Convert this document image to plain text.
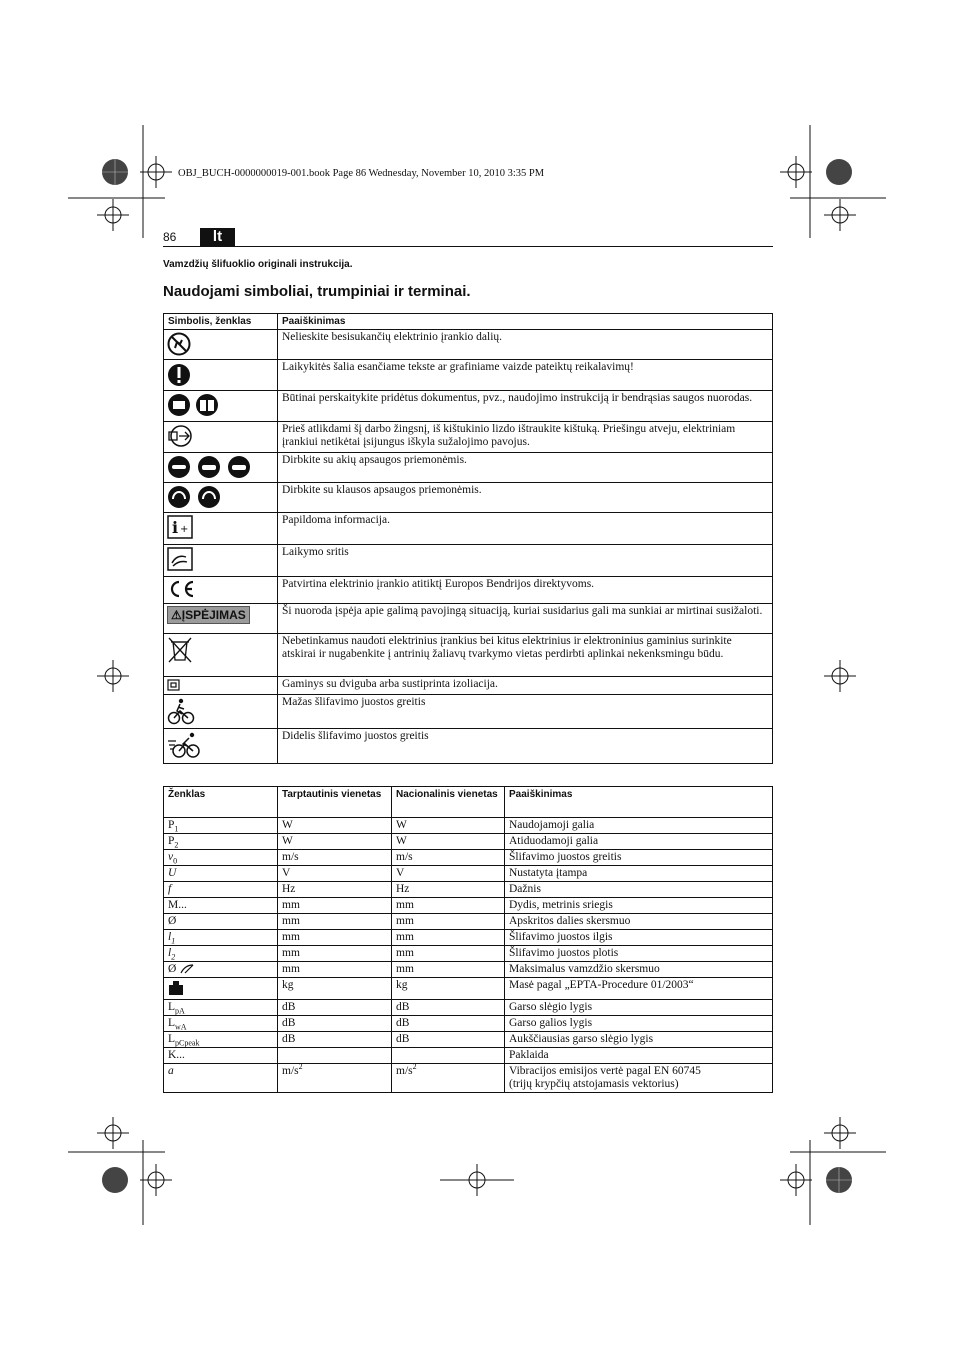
OBJ_BUCH-0000000019-001.book Page 86 Wednesday, November 10, 2010 3:35 PM
86	lt
Vamzdžių šlifuoklio originali instrukcija.
Naudojami simboliai, trumpiniai ir terminai.
Simbolis, ženklas	Paaiškinimas
	Nelieskite besisukančių elektrinio įrankio dalių.
	Laikykitės šalia esančiame tekste ar grafiniame vaizde pateiktų reikalavimų!
	Būtinai perskaitykite pridėtus dokumentus, pvz., naudojimo instrukciją ir bendrąsias saugos nuorodas.
	Prieš atlikdami šį darbo žingsnį, iš kištukinio lizdo ištraukite kištuką. Priešingu atveju, elektriniam įrankiui netikėtai įsijungus iškyla sužalojimo pavojus.
	Dirbkite su akių apsaugos priemonėmis.
	Dirbkite su klausos apsaugos priemonėmis.

i +	Papildoma informacija.
	Laikymo sritis
	Patvirtina elektrinio įrankio atitiktį Europos Bendrijos direktyvoms.
⚠ĮSPĖJIMAS	Ši nuoroda įspėja apie galimą pavojingą situaciją, kuriai susidarius gali ma sunkiai ar mirtinai susižaloti.
	Nebetinkamus naudoti elektrinius įrankius bei kitus elektrinius ir elektroninius gaminius surinkite atskirai ir nugabenkite į antrinių žaliavų tvarkymo vietas perdirbti aplinkai nekenksmingu būdu.
	Gaminys su dviguba arba sustiprinta izoliacija.
	Mažas šlifavimo juostos greitis
	Didelis šlifavimo juostos greitis
Ženklas	Tarptautinis vienetas	Nacionalinis vienetas	Paaiškinimas
$P_1$	W	W	Naudojamoji galia
$P_2$	W	W	Atiduodamoji galia
$v_0$	m/s	m/s	Šlifavimo juostos greitis
U	V	V	Nustatyta įtampa
f	Hz	Hz	Dažnis
M...	mm	mm	Dydis, metrinis sriegis
Ø	mm	mm	Apskritos dalies skersmuo
$l_1$	mm	mm	Šlifavimo juostos ilgis
$l_2$	mm	mm	Šlifavimo juostos plotis
Ø	mm	mm	Maksimalus vamzdžio skersmuo
	kg	kg	Masė pagal „EPTA-Procedure 01/2003“
$L_{pA}$	dB	dB	Garso slėgio lygis
$L_{wA}$	dB	dB	Garso galios lygis
$L_{pCpeak}$	dB	dB	Aukščiausias garso slėgio lygis
K...			Paklaida
a	$m/s^2$	$m/s^2$	Vibracijos emisijos vertė pagal EN 60745
(trijų krypčių atstojamasis vektorius)
